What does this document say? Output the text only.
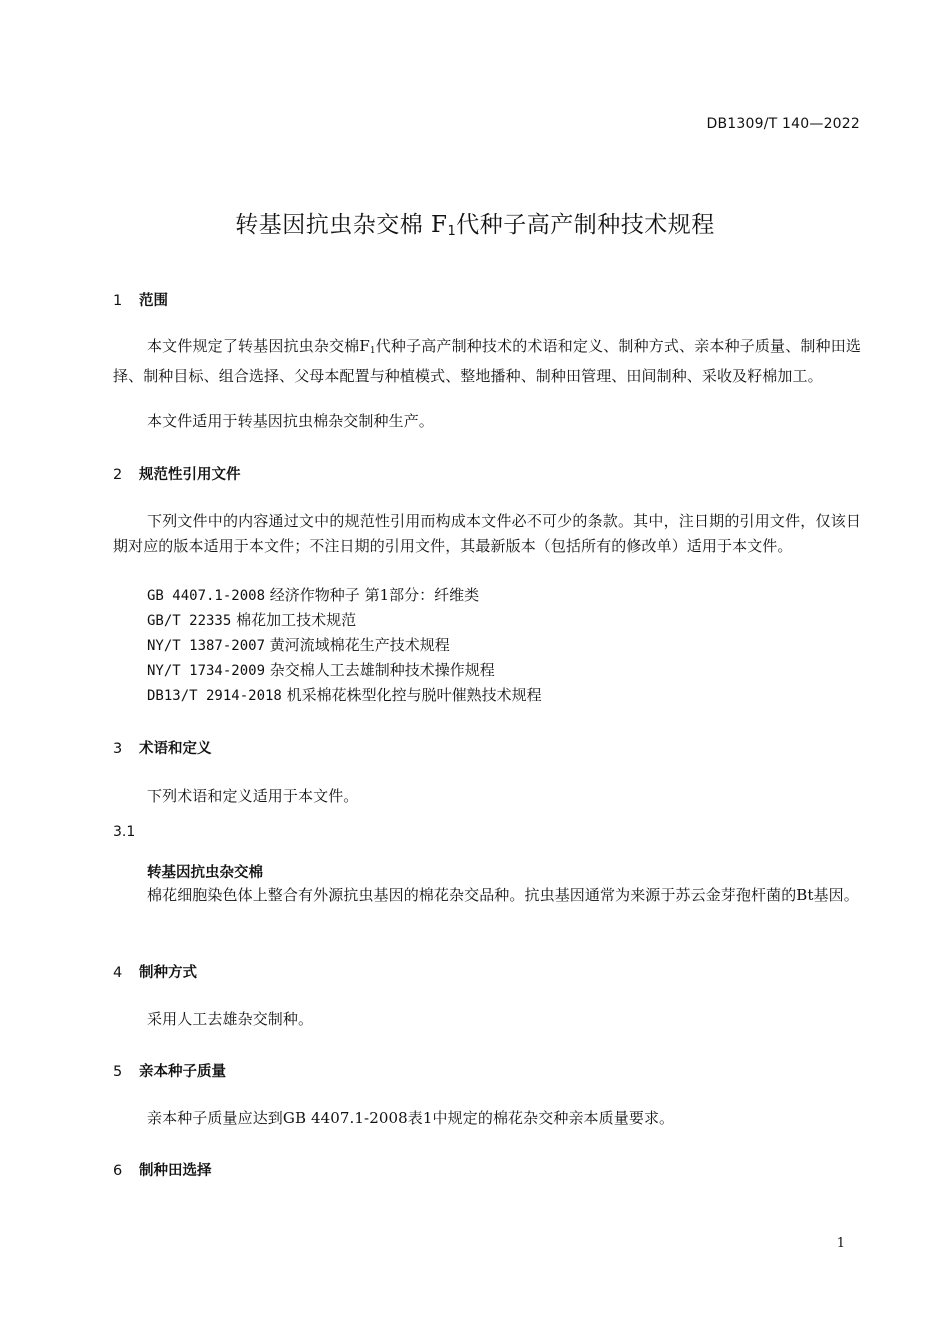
DB1309/T 140—2022
转基因抗虫杂交棉 $F_1$代种子高产制种技术规程
1 范围
本文件规定了转基因抗虫杂交棉$F_1$代种子高产制种技术的术语和定义、制种方式、亲本种子质量、制种田选择、制种目标、组合选择、父母本配置与种植模式、整地播种、制种田管理、田间制种、采收及籽棉加工。
本文件适用于转基因抗虫棉杂交制种生产。
2 规范性引用文件
下列文件中的内容通过文中的规范性引用而构成本文件必不可少的条款。其中，注日期的引用文件，仅该日期对应的版本适用于本文件；不注日期的引用文件，其最新版本（包括所有的修改单）适用于本文件。
GB 4407.1-2008 经济作物种子 第1部分：纤维类
GB/T 22335 棉花加工技术规范
NY/T 1387-2007 黄河流域棉花生产技术规程
NY/T 1734-2009 杂交棉人工去雄制种技术操作规程
DB13/T 2914-2018 机采棉花株型化控与脱叶催熟技术规程
3 术语和定义
下列术语和定义适用于本文件。
3.1
转基因抗虫杂交棉
棉花细胞染色体上整合有外源抗虫基因的棉花杂交品种。抗虫基因通常为来源于苏云金芽孢杆菌的Bt基因。
4 制种方式
采用人工去雄杂交制种。
5 亲本种子质量
亲本种子质量应达到GB 4407.1-2008表1中规定的棉花杂交种亲本质量要求。
6 制种田选择
1
